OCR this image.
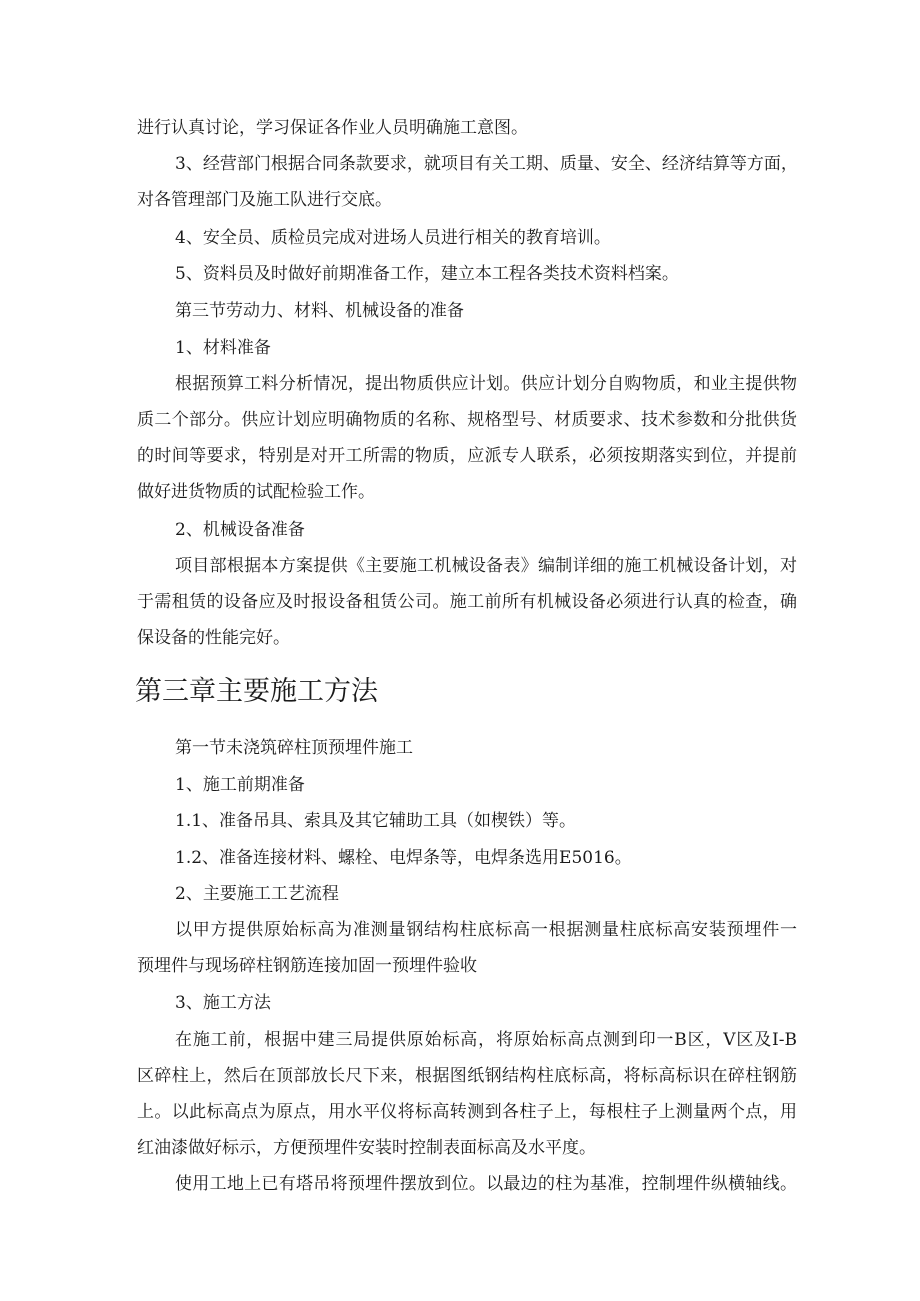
进行认真讨论，学习保证各作业人员明确施工意图。

3、经营部门根据合同条款要求，就项目有关工期、质量、安全、经济结算等方面，
对各管理部门及施工队进行交底。

4、安全员、质检员完成对进场人员进行相关的教育培训。

5、资料员及时做好前期准备工作，建立本工程各类技术资料档案。

第三节劳动力、材料、机械设备的准备

1、材料准备

根据预算工料分析情况，提出物质供应计划。供应计划分自购物质，和业主提供物
质二个部分。供应计划应明确物质的名称、规格型号、材质要求、技术参数和分批供货
的时间等要求，特别是对开工所需的物质，应派专人联系，必须按期落实到位，并提前
做好进货物质的试配检验工作。

2、机械设备准备

项目部根据本方案提供《主要施工机械设备表》编制详细的施工机械设备计划，对
于需租赁的设备应及时报设备租赁公司。施工前所有机械设备必须进行认真的检查，确
保设备的性能完好。

第三章主要施工方法

第一节未浇筑碎柱顶预埋件施工

1、施工前期准备

1.1、准备吊具、索具及其它辅助工具（如楔铁）等。

1.2、准备连接材料、螺栓、电焊条等，电焊条选用E5016。

2、主要施工工艺流程

以甲方提供原始标高为准测量钢结构柱底标高一根据测量柱底标高安装预埋件一
预埋件与现场碎柱钢筋连接加固一预埋件验收

3、施工方法

在施工前，根据中建三局提供原始标高，将原始标高点测到印一Β区，Ⅴ区及Ι-B
区碎柱上，然后在顶部放长尺下来，根据图纸钢结构柱底标高，将标高标识在碎柱钢筋
上。以此标高点为原点，用水平仪将标高转测到各柱子上，每根柱子上测量两个点，用
红油漆做好标示，方便预埋件安装时控制表面标高及水平度。

使用工地上已有塔吊将预埋件摆放到位。以最边的柱为基准，控制埋件纵横轴线。
